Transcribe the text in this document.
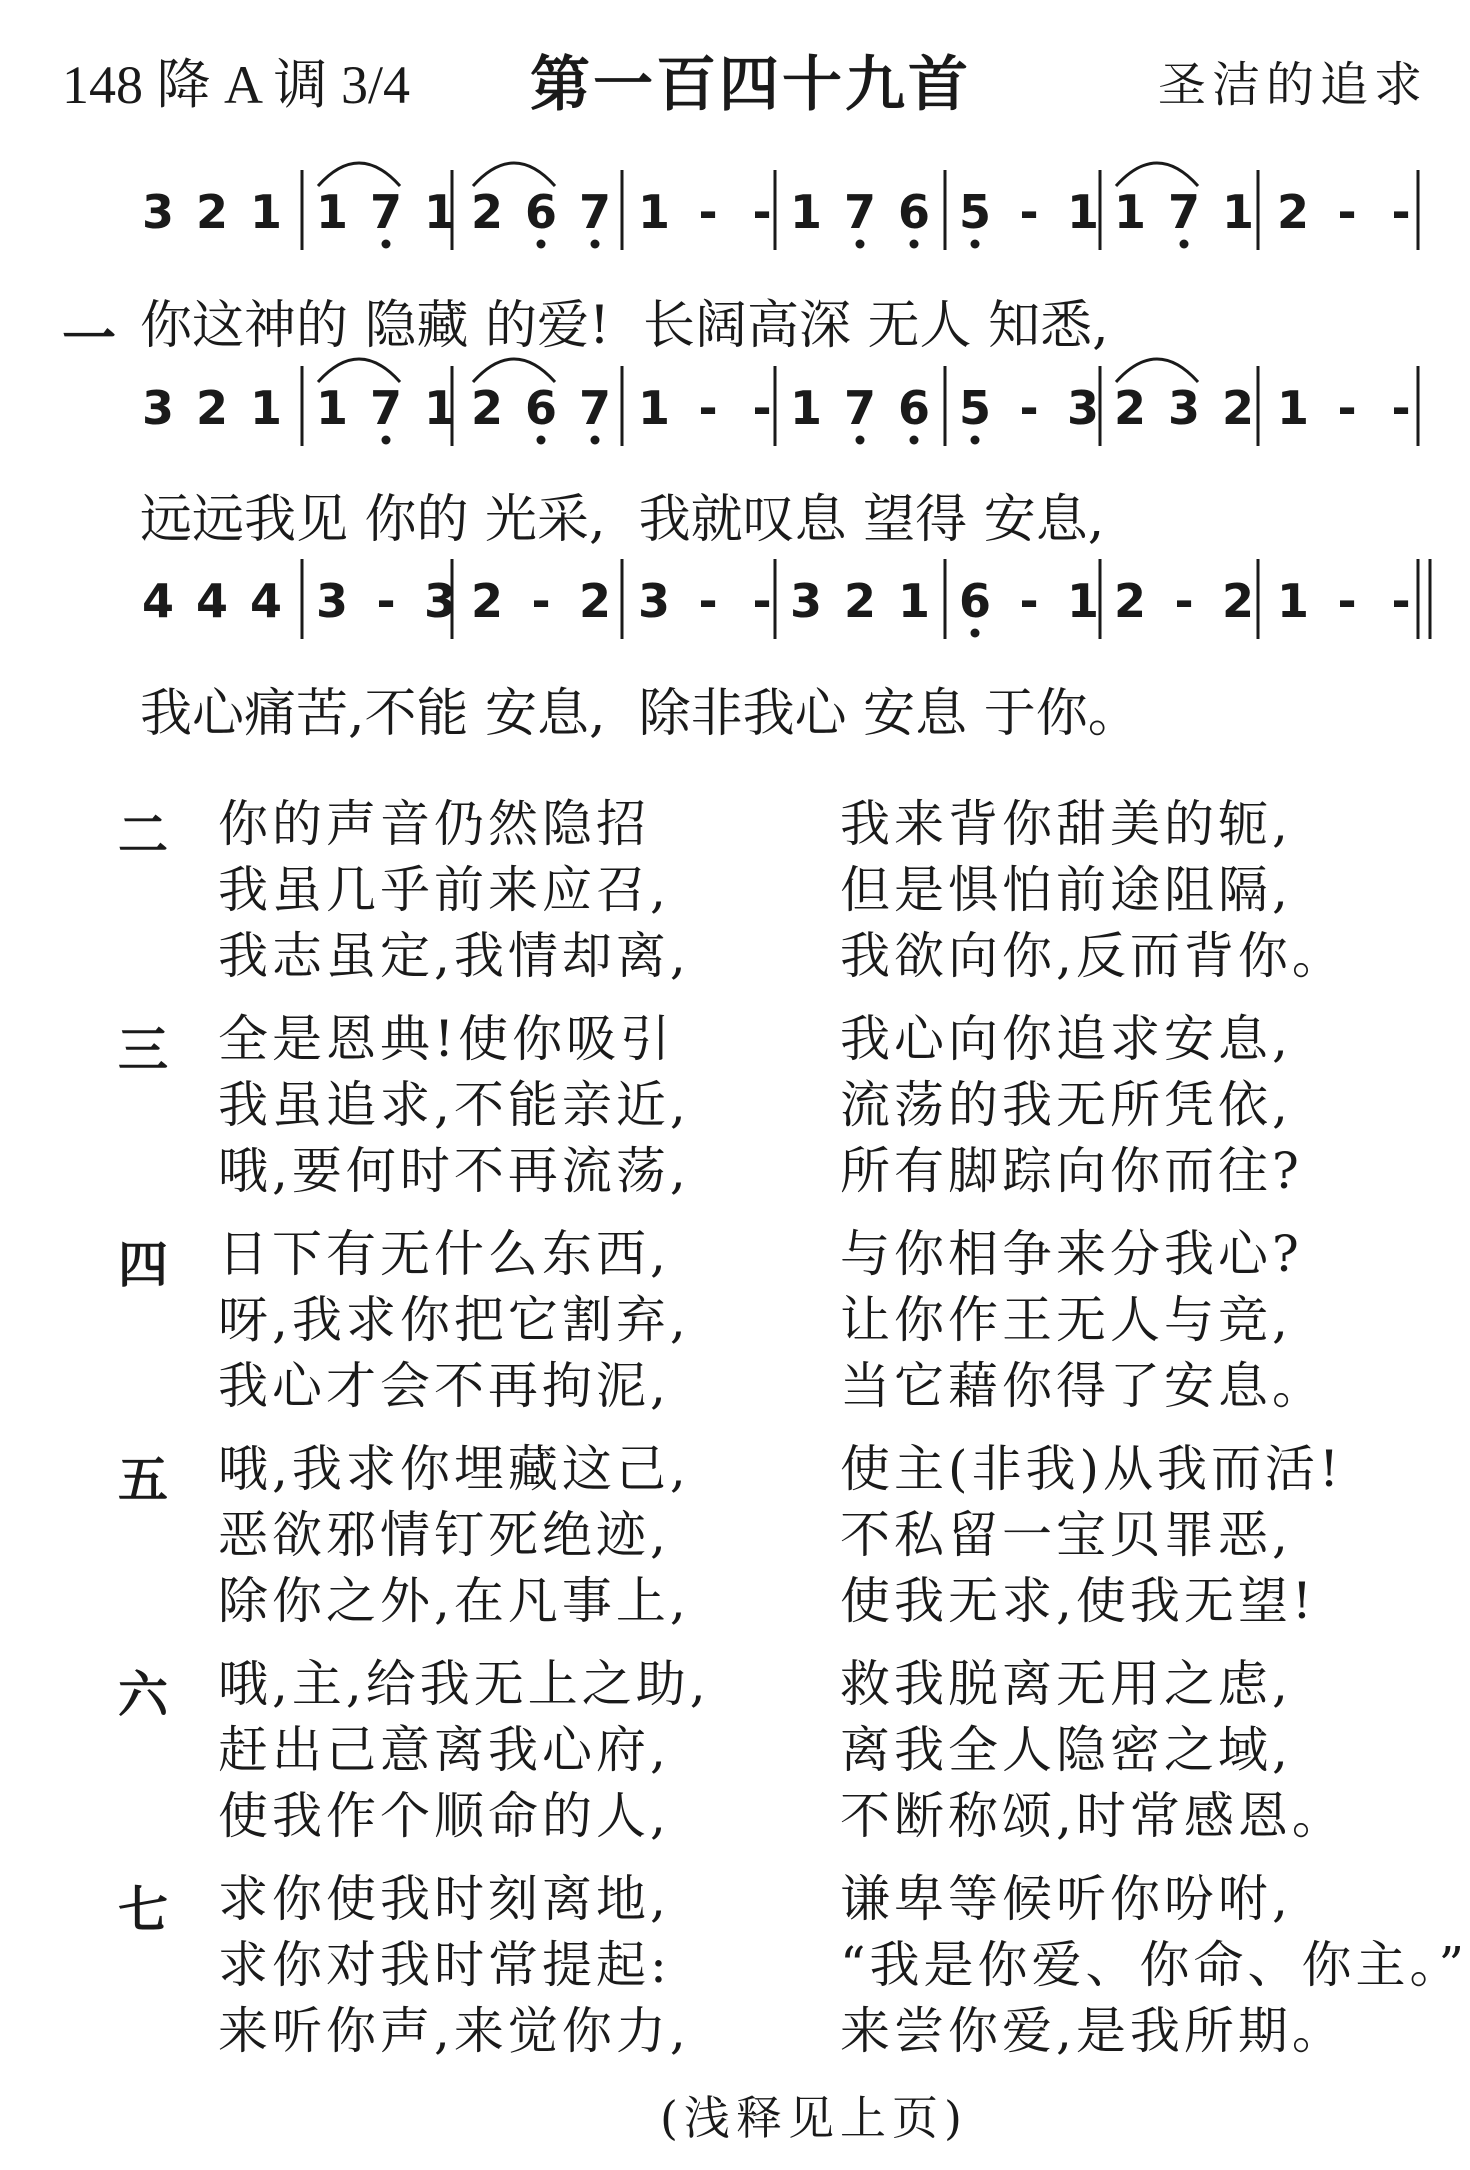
148 降 A 调 3/4 第一百四十九首	圣洁的追求
3 2 1 1 7 1 2 6 7 1 - - 1 7 6 5 - 1 1 7 1 2 - -
3 2 1 1 7 1 2 6 7 1 - - 1 7 6 5 - 3 2 3 2 1 - -
4 4 4 3 - 3 2 - 2 3 - - 3 2 1 6 - 1 2 - 2 1 - -
一 你这神的 隐藏 的爱!  长阔高深 无人 知悉,
远远我见 你的 光采,  我就叹息 望得 安息,
我心痛苦,不能 安息,  除非我心 安息 于你。
二 你的声音仍然隐招
我虽几乎前来应召,
我志虽定,我情却离,
我来背你甜美的轭,
但是惧怕前途阻隔,
我欲向你,反而背你。
三 全是恩典!使你吸引
我虽追求,不能亲近,
哦,要何时不再流荡,
我心向你追求安息,
流荡的我无所凭依,
所有脚踪向你而往?
四 日下有无什么东西,
呀,我求你把它割弃,
我心才会不再拘泥,
与你相争来分我心?
让你作王无人与竞,
当它藉你得了安息。
五 哦,我求你埋藏这己,
恶欲邪情钉死绝迹,
除你之外,在凡事上,
使主(非我)从我而活!
不私留一宝贝罪恶,
使我无求,使我无望!
六 哦,主,给我无上之助,
赶出己意离我心府,
使我作个顺命的人,
救我脱离无用之虑,
离我全人隐密之域,
不断称颂,时常感恩。
七 求你使我时刻离地,
求你对我时常提起:
来听你声,来觉你力,
谦卑等候听你吩咐,
“我是你爱、你命、你主。”
来尝你爱,是我所期。
(浅释见上页)
